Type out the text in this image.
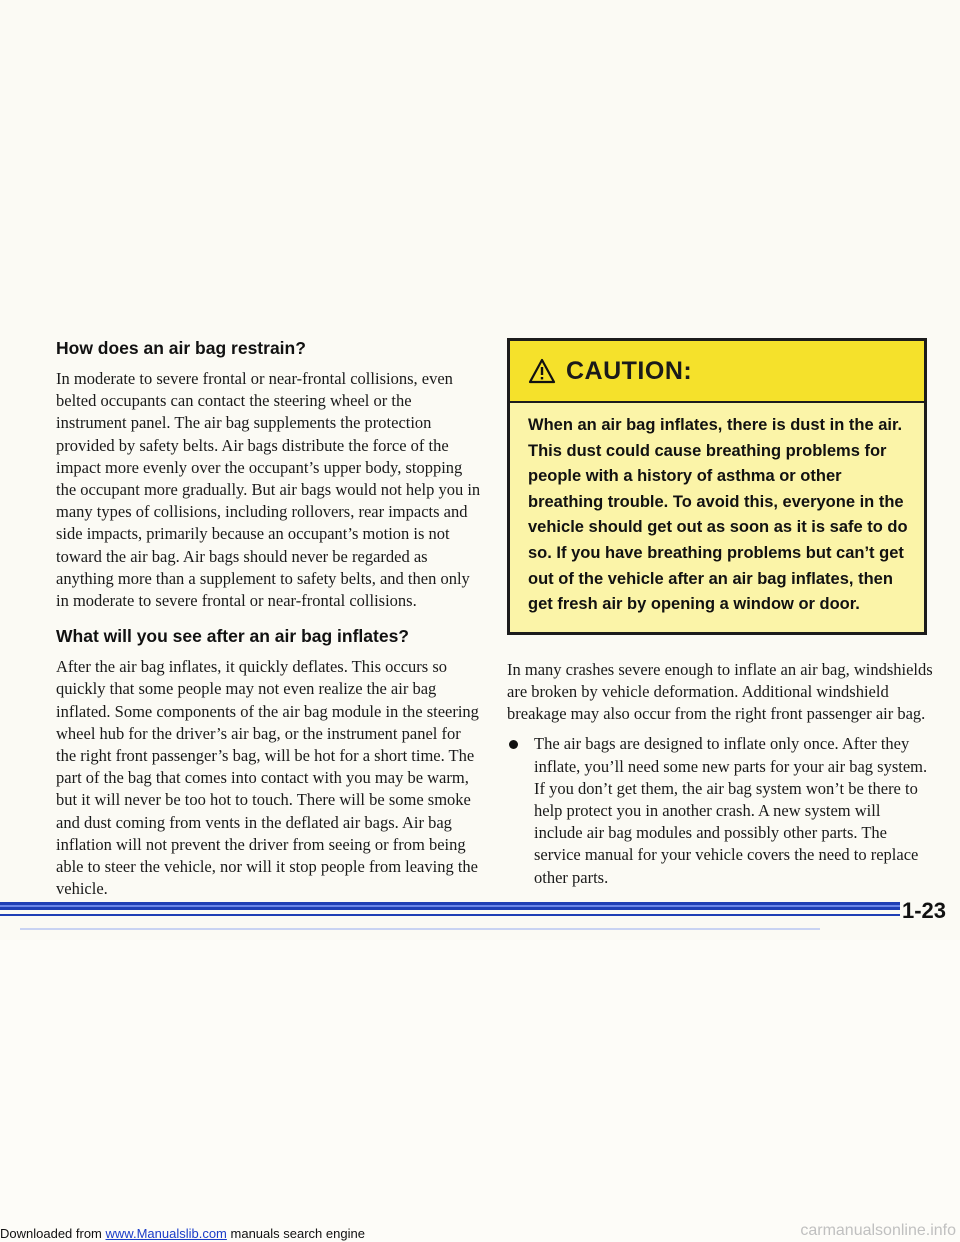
How does an air bag restrain?

In moderate to severe frontal or near-frontal collisions, even belted occupants can contact the steering wheel or the instrument panel. The air bag supplements the protection provided by safety belts. Air bags distribute the force of the impact more evenly over the occupant’s upper body, stopping the occupant more gradually. But air bags would not help you in many types of collisions, including rollovers, rear impacts and side impacts, primarily because an occupant’s motion is not toward the air bag. Air bags should never be regarded as anything more than a supplement to safety belts, and then only in moderate to severe frontal or near-frontal collisions.

What will you see after an air bag inflates?

After the air bag inflates, it quickly deflates. This occurs so quickly that some people may not even realize the air bag inflated. Some components of the air bag module in the steering wheel hub for the driver’s air bag, or the instrument panel for the right front passenger’s bag, will be hot for a short time. The part of the bag that comes into contact with you may be warm, but it will never be too hot to touch. There will be some smoke and dust coming from vents in the deflated air bags. Air bag inflation will not prevent the driver from seeing or from being able to steer the vehicle, nor will it stop people from leaving the vehicle.

CAUTION:
When an air bag inflates, there is dust in the air. This dust could cause breathing problems for people with a history of asthma or other breathing trouble. To avoid this, everyone in the vehicle should get out as soon as it is safe to do so. If you have breathing problems but can’t get out of the vehicle after an air bag inflates, then get fresh air by opening a window or door.

In many crashes severe enough to inflate an air bag, windshields are broken by vehicle deformation. Additional windshield breakage may also occur from the right front passenger air bag.

The air bags are designed to inflate only once. After they inflate, you’ll need some new parts for your air bag system. If you don’t get them, the air bag system won’t be there to help protect you in another crash. A new system will include air bag modules and possibly other parts. The service manual for your vehicle covers the need to replace other parts.

1-23
Downloaded from www.Manualslib.com manuals search engine	carmanualsonline.info
